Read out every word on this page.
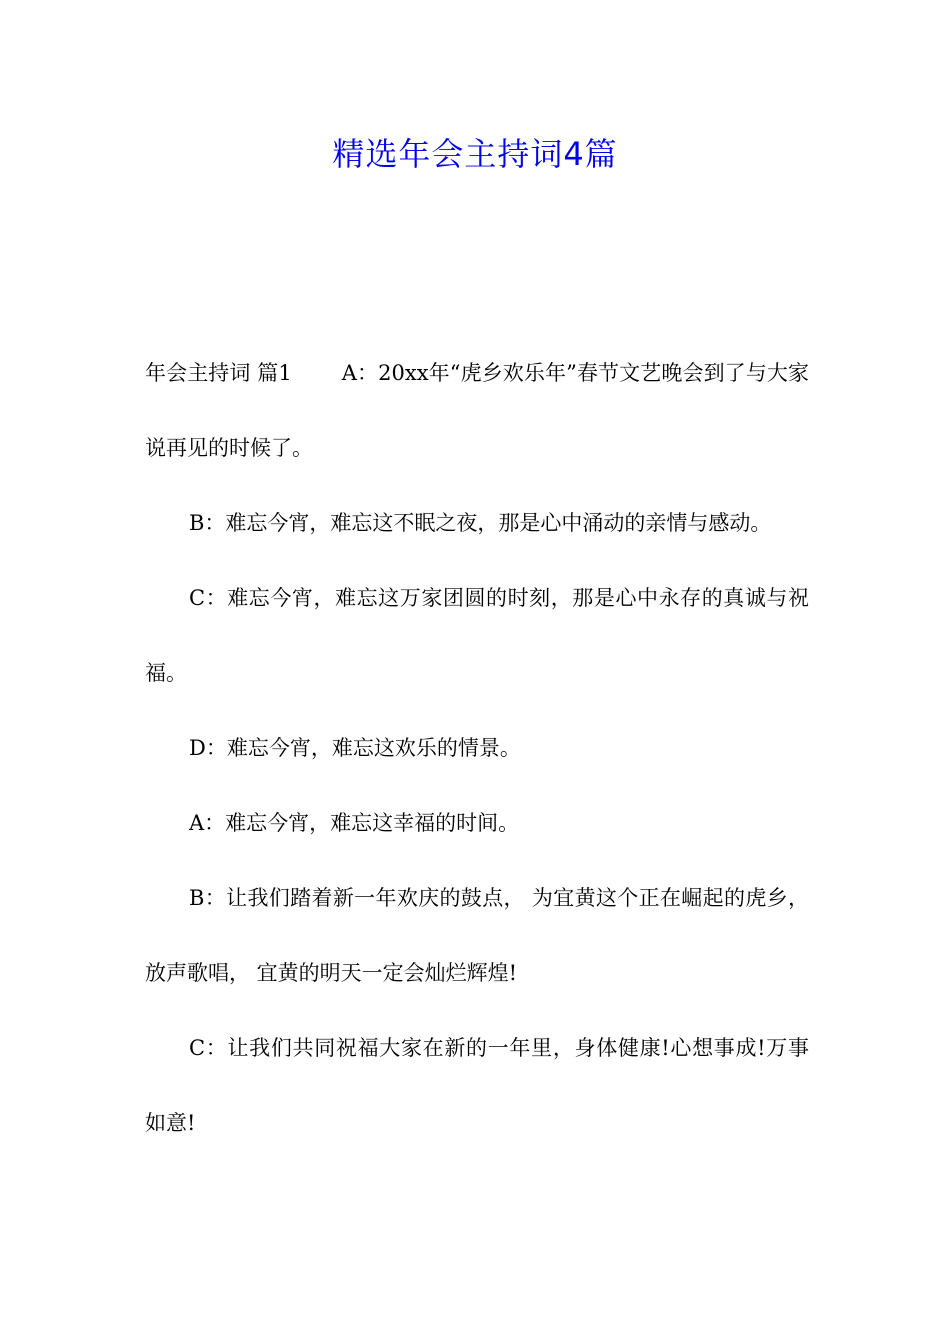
精选年会主持词4篇

年会主持词 篇1 A：20xx年“虎乡欢乐年”春节文艺晚会到了与大家说再见的时候了。

B：难忘今宵，难忘这不眠之夜，那是心中涌动的亲情与感动。

C：难忘今宵，难忘这万家团圆的时刻，那是心中永存的真诚与祝福。

D：难忘今宵，难忘这欢乐的情景。

A：难忘今宵，难忘这幸福的时间。

B：让我们踏着新一年欢庆的鼓点， 为宜黄这个正在崛起的虎乡， 放声歌唱， 宜黄的明天一定会灿烂辉煌!

C：让我们共同祝福大家在新的一年里，身体健康!心想事成!万事如意!
